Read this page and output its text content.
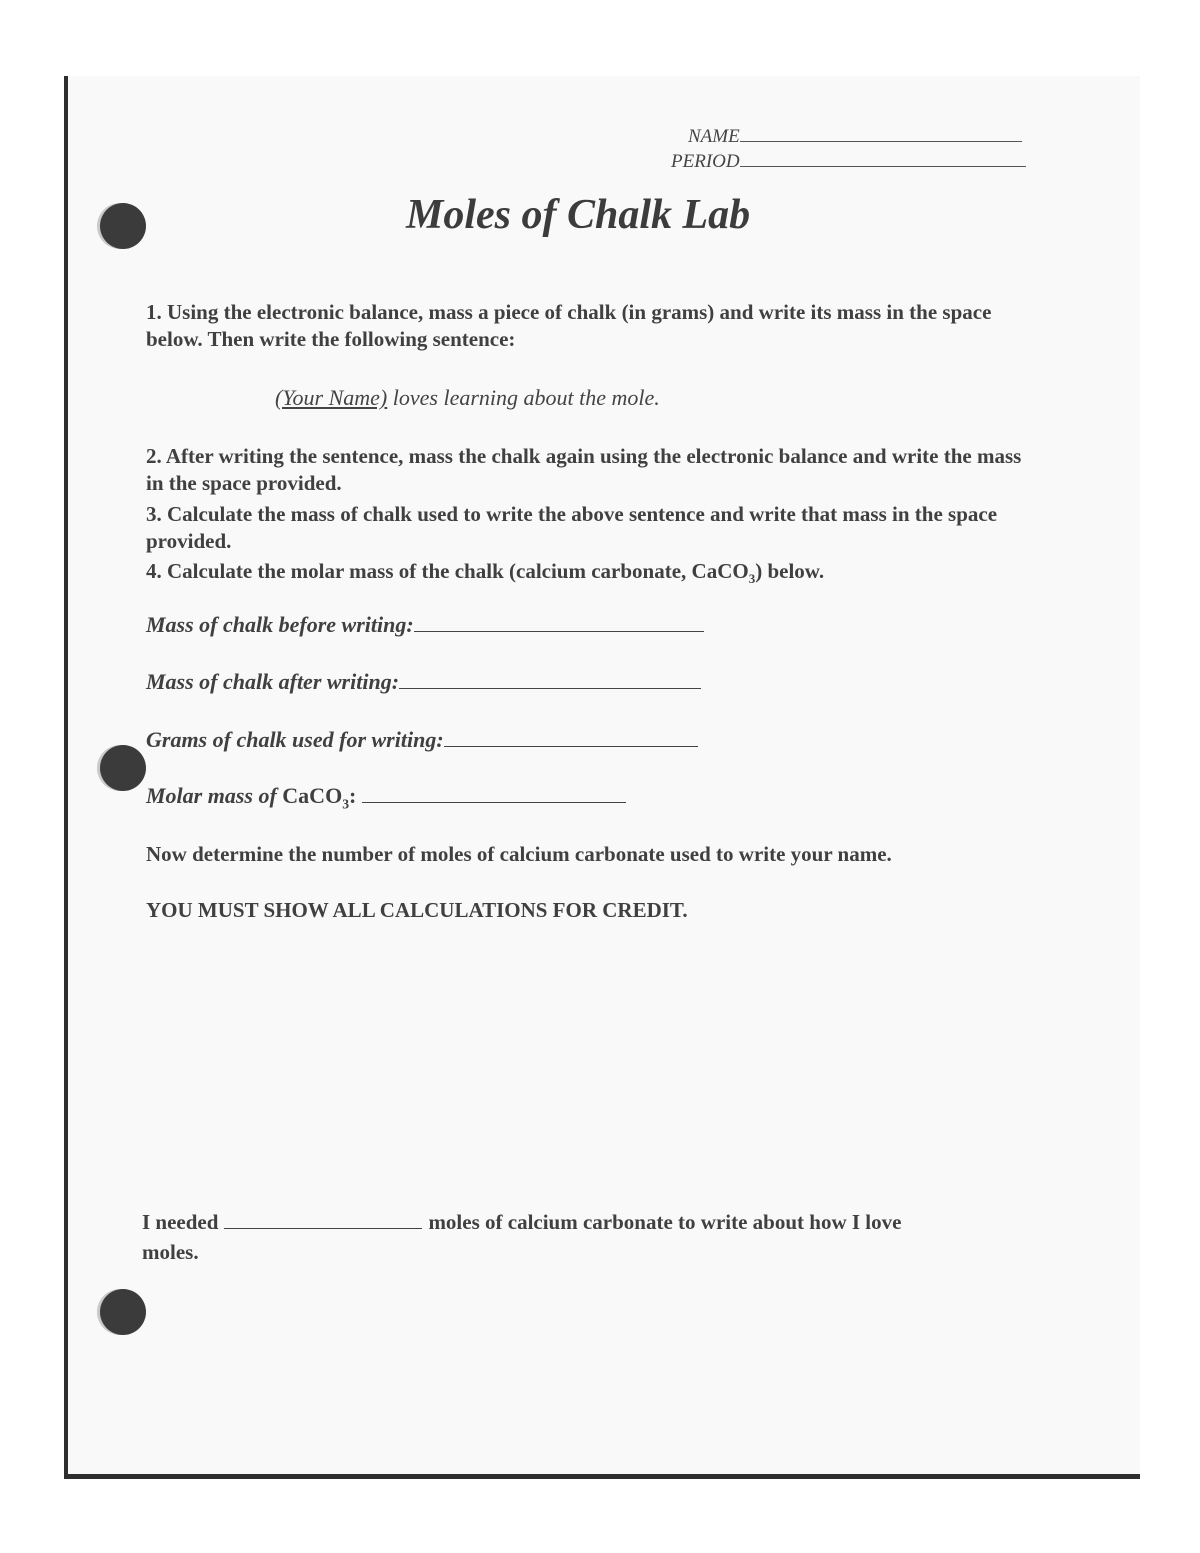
NAME
PERIOD
Moles of Chalk Lab
1. Using the electronic balance, mass a piece of chalk (in grams) and write its mass in the space below. Then write the following sentence:
(Your Name) loves learning about the mole.
2. After writing the sentence, mass the chalk again using the electronic balance and write the mass in the space provided.
3. Calculate the mass of chalk used to write the above sentence and write that mass in the space provided.
4. Calculate the molar mass of the chalk (calcium carbonate, CaCO$_3$) below.
Mass of chalk before writing:
Mass of chalk after writing:
Grams of chalk used for writing:
Molar mass of CaCO$_3$:
Now determine the number of moles of calcium carbonate used to write your name.
YOU MUST SHOW ALL CALCULATIONS FOR CREDIT.
I needed	moles of calcium carbonate to write about how I love
moles.
